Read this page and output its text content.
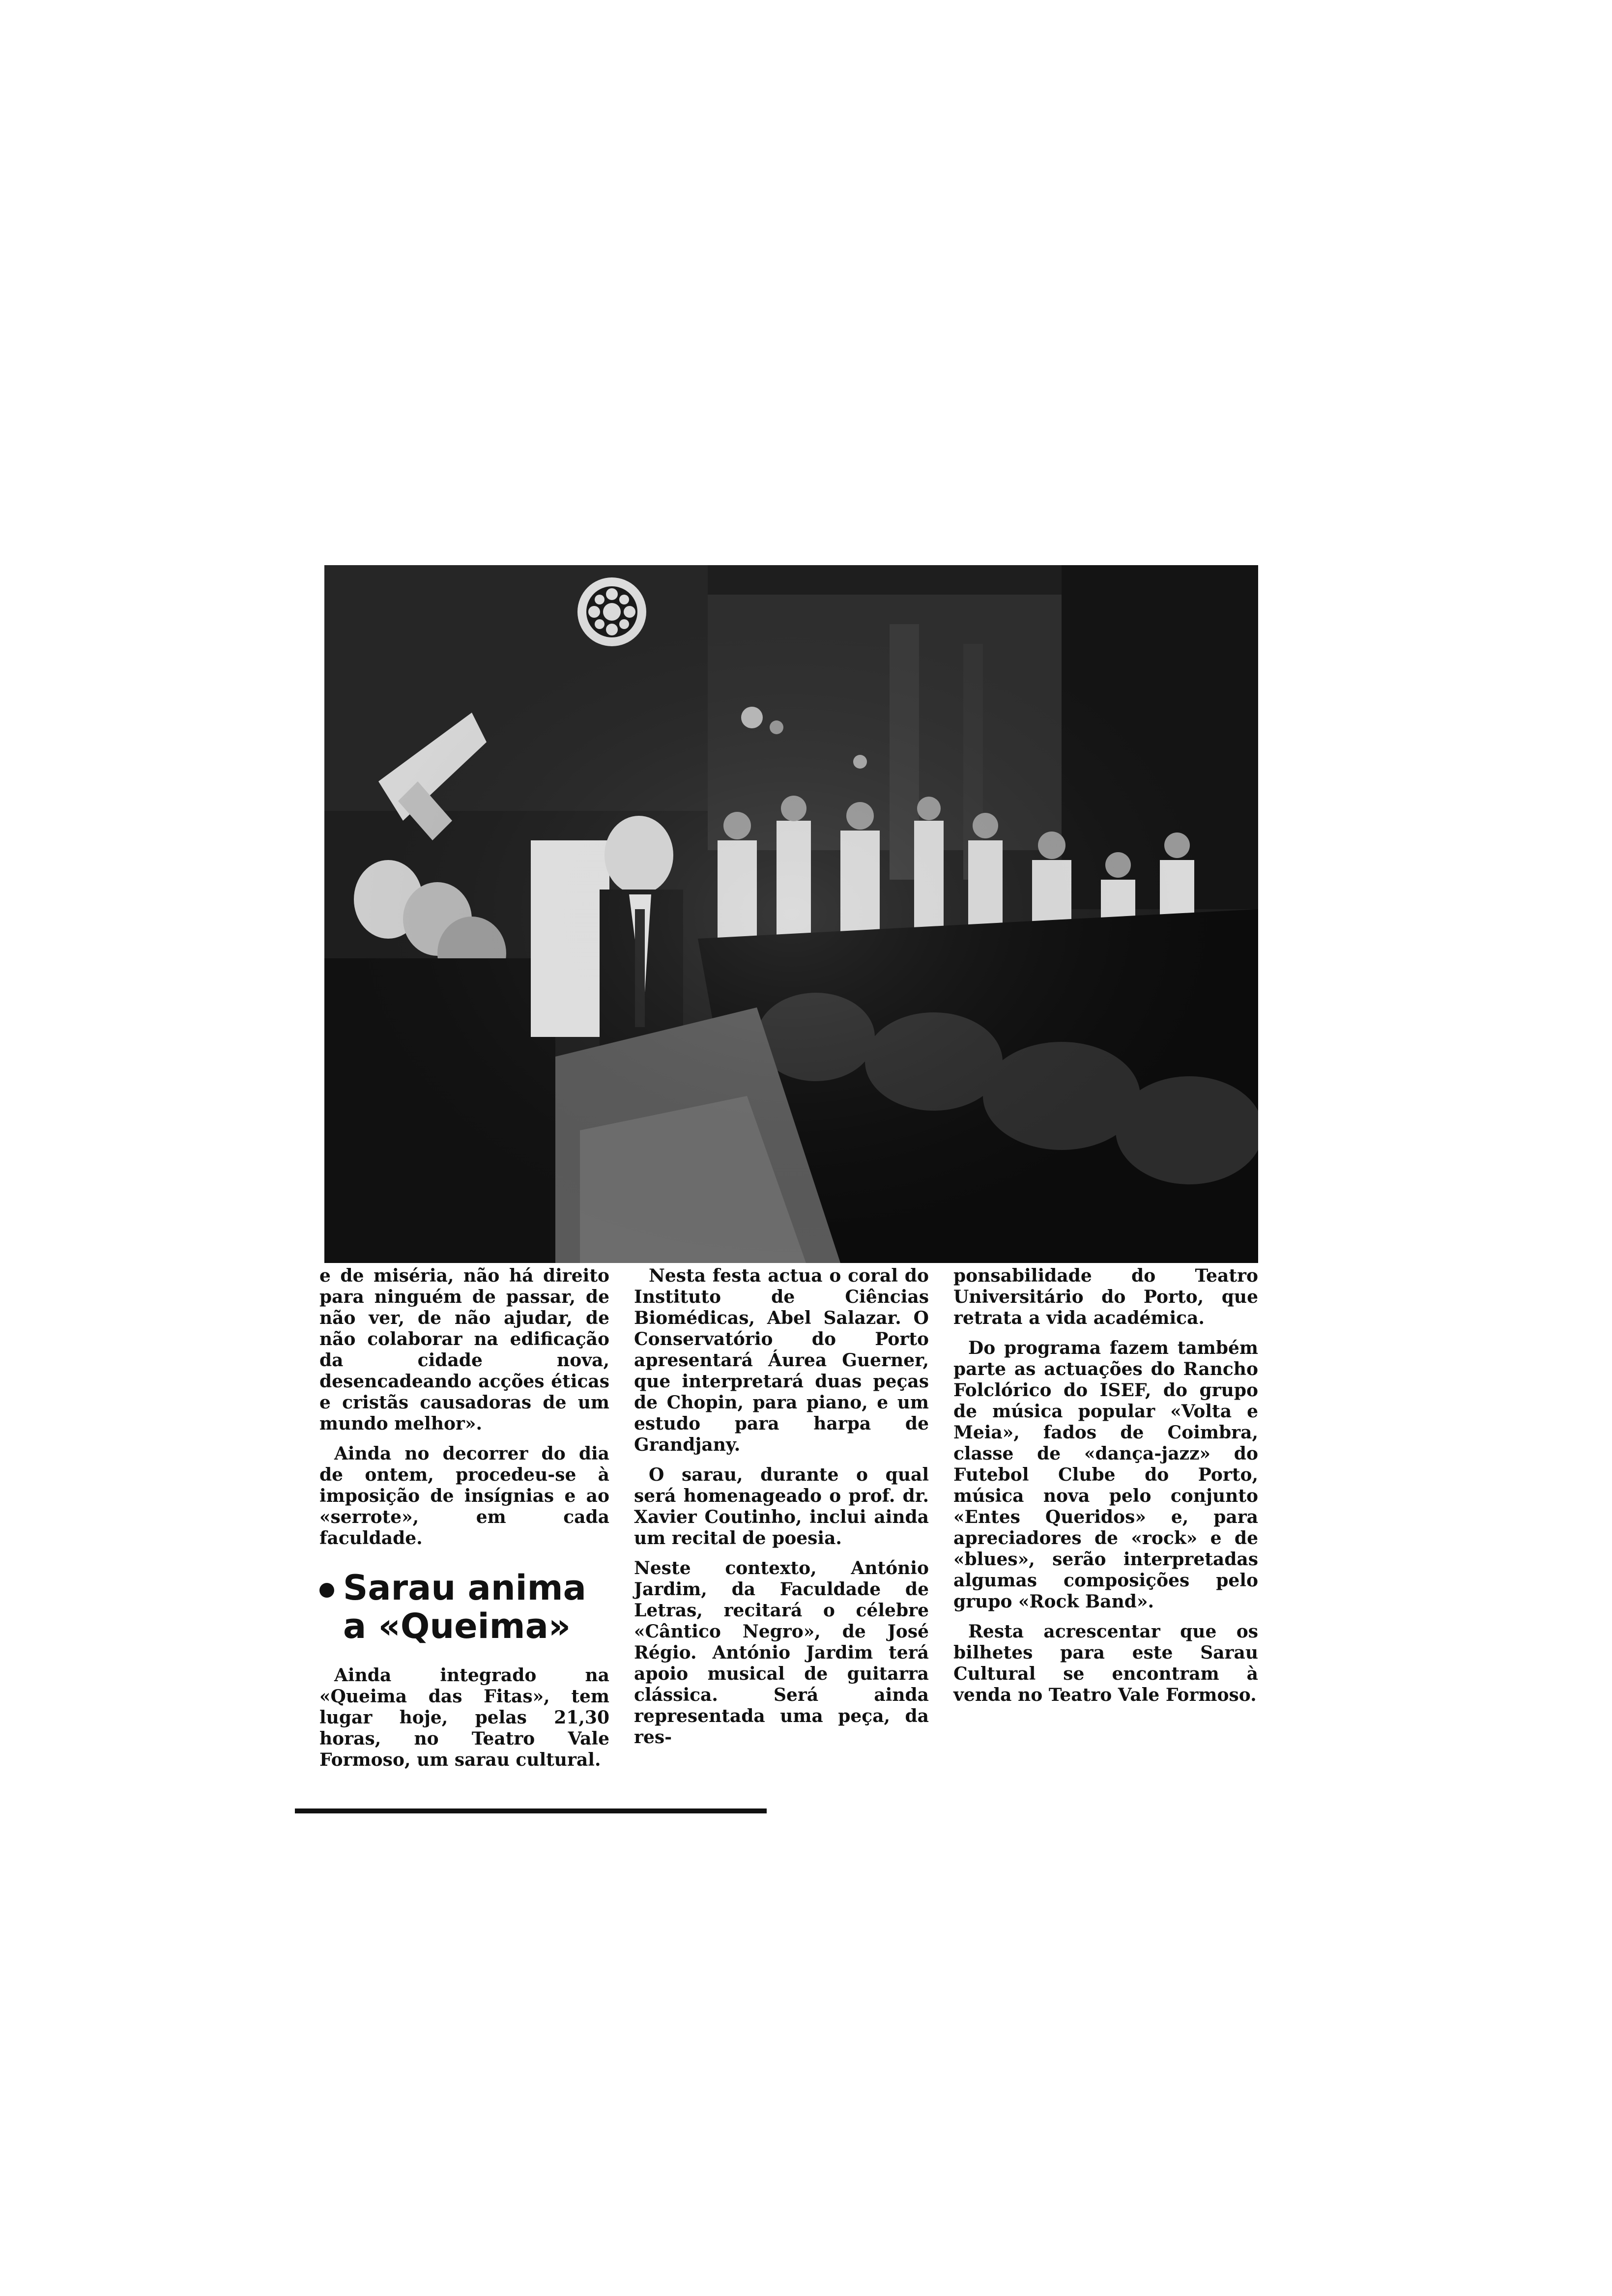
e de miséria, não há direito para ninguém de passar, de não ver, de não ajudar, de não colaborar na edificação da cidade nova, desencadeando acções éticas e cristãs causadoras de um mundo melhor».

Ainda no decorrer do dia de ontem, procedeu-se à imposição de insígnias e ao «serrote», em cada faculdade.

Sarau anima
a «Queima»

Ainda integrado na «Queima das Fitas», tem lugar hoje, pelas 21,30 horas, no Teatro Vale Formoso, um sarau cultural.

Nesta festa actua o coral do Instituto de Ciências Biomédicas, Abel Salazar. O Conservatório do Porto apresentará Áurea Guerner, que interpretará duas peças de Chopin, para piano, e um estudo para harpa de Grandjany.

O sarau, durante o qual será homenageado o prof. dr. Xavier Coutinho, inclui ainda um recital de poesia.

Neste contexto, António Jardim, da Faculdade de Letras, recitará o célebre «Cântico Negro», de José Régio. António Jardim terá apoio musical de guitarra clássica. Será ainda representada uma peça, da res-

ponsabilidade do Teatro Universitário do Porto, que retrata a vida académica.

Do programa fazem também parte as actuações do Rancho Folclórico do ISEF, do grupo de música popular «Volta e Meia», fados de Coimbra, classe de «dança-jazz» do Futebol Clube do Porto, música nova pelo conjunto «Entes Queridos» e, para apreciadores de «rock» e de «blues», serão interpretadas algumas composições pelo grupo «Rock Band».

Resta acrescentar que os bilhetes para este Sarau Cultural se encontram à venda no Teatro Vale Formoso.
